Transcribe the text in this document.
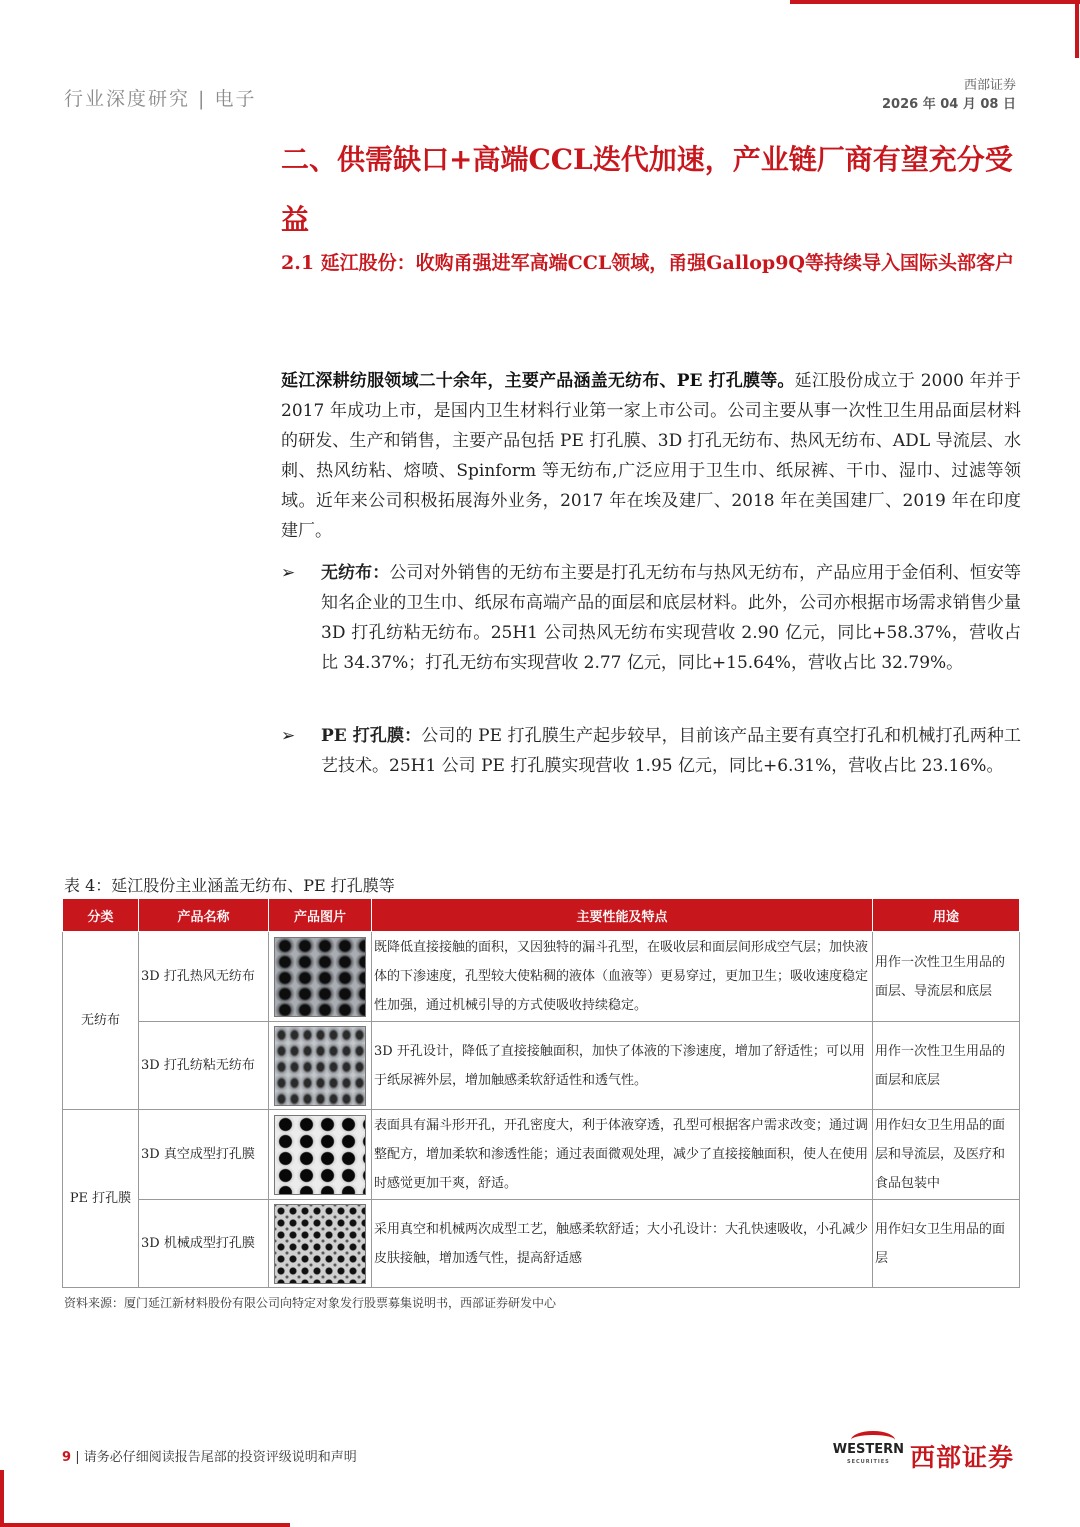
行业深度研究 | 电子
西部证券
2026 年 04 月 08 日
二、供需缺口+高端CCL迭代加速，产业链厂商有望充分受益
2.1 延江股份：收购甬强进军高端CCL领域，甬强Gallop9Q等持续导入国际头部客户
延江深耕纺服领域二十余年，主要产品涵盖无纺布、PE 打孔膜等。延江股份成立于 2000 年并于 2017 年成功上市，是国内卫生材料行业第一家上市公司。公司主要从事一次性卫生用品面层材料的研发、生产和销售，主要产品包括 PE 打孔膜、3D 打孔无纺布、热风无纺布、ADL 导流层、水刺、热风纺粘、熔喷、Spinform 等无纺布,广泛应用于卫生巾、纸尿裤、干巾、湿巾、过滤等领域。近年来公司积极拓展海外业务，2017 年在埃及建厂、2018 年在美国建厂、2019 年在印度建厂。
➢ 无纺布：公司对外销售的无纺布主要是打孔无纺布与热风无纺布，产品应用于金佰利、恒安等知名企业的卫生巾、纸尿布高端产品的面层和底层材料。此外，公司亦根据市场需求销售少量 3D 打孔纺粘无纺布。25H1 公司热风无纺布实现营收 2.90 亿元，同比+58.37%，营收占比 34.37%；打孔无纺布实现营收 2.77 亿元，同比+15.64%，营收占比 32.79%。
➢ PE 打孔膜：公司的 PE 打孔膜生产起步较早，目前该产品主要有真空打孔和机械打孔两种工艺技术。25H1 公司 PE 打孔膜实现营收 1.95 亿元，同比+6.31%，营收占比 23.16%。
表 4：延江股份主业涵盖无纺布、PE 打孔膜等
分类	产品名称	产品图片	主要性能及特点	用途
无纺布	3D 打孔热风无纺布		既降低直接接触的面积，又因独特的漏斗孔型，在吸收层和面层间形成空气层；加快液体的下渗速度，孔型较大使粘稠的液体（血液等）更易穿过，更加卫生；吸收速度稳定性加强，通过机械引导的方式使吸收持续稳定。	用作一次性卫生用品的面层、导流层和底层
	3D 打孔纺粘无纺布		3D 开孔设计，降低了直接接触面积，加快了体液的下渗速度，增加了舒适性；可以用于纸尿裤外层，增加触感柔软舒适性和透气性。	用作一次性卫生用品的面层和底层
PE 打孔膜	3D 真空成型打孔膜		表面具有漏斗形开孔，开孔密度大，利于体液穿透，孔型可根据客户需求改变；通过调整配方，增加柔软和渗透性能；通过表面微观处理，减少了直接接触面积，使人在使用时感觉更加干爽，舒适。	用作妇女卫生用品的面层和导流层，及医疗和食品包装中
	3D 机械成型打孔膜		采用真空和机械两次成型工艺，触感柔软舒适；大小孔设计：大孔快速吸收，小孔减少皮肤接触，增加透气性，提高舒适感	用作妇女卫生用品的面层
资料来源：厦门延江新材料股份有限公司向特定对象发行股票募集说明书，西部证券研发中心
9 | 请务必仔细阅读报告尾部的投资评级说明和声明
WESTERN
SECURITIES 西部证券
